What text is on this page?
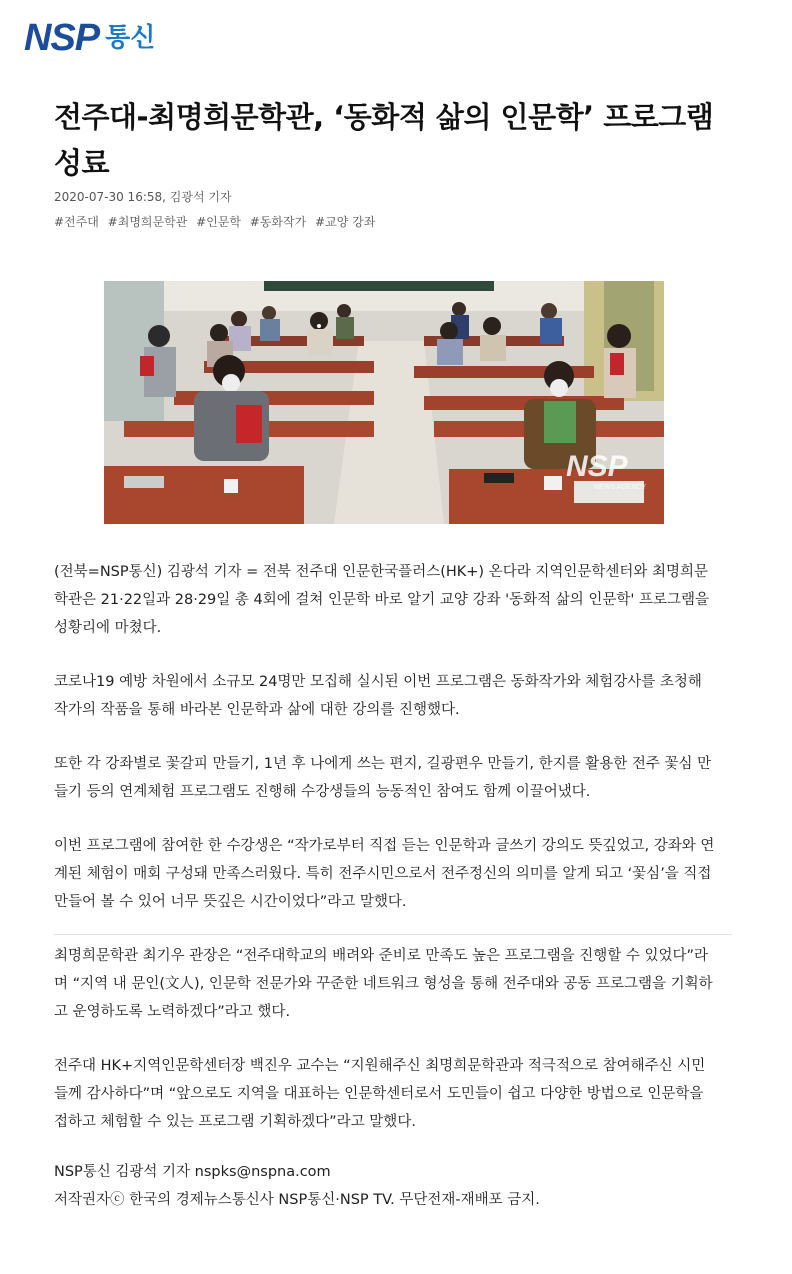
NSP 통신
전주대-최명희문학관, ‘동화적 삶의 인문학’ 프로그램 성료
2020-07-30 16:58, 김광석 기자
#전주대 #최명희문학관 #인문학 #동화작가 #교양 강좌
NSP
NEWS AGENCY

(전북=NSP통신) 김광석 기자 = 전북 전주대 인문한국플러스(HK+) 온다라 지역인문학센터와 최명희문학관은 21·22일과 28·29일 총 4회에 걸쳐 인문학 바로 알기 교양 강좌 '동화적 삶의 인문학' 프로그램을 성황리에 마쳤다.

코로나19 예방 차원에서 소규모 24명만 모집해 실시된 이번 프로그램은 동화작가와 체험강사를 초청해 작가의 작품을 통해 바라본 인문학과 삶에 대한 강의를 진행했다.

또한 각 강좌별로 꽃갈피 만들기, 1년 후 나에게 쓰는 편지, 길광편우 만들기, 한지를 활용한 전주 꽃심 만들기 등의 연계체험 프로그램도 진행해 수강생들의 능동적인 참여도 함께 이끌어냈다.

이번 프로그램에 참여한 한 수강생은 “작가로부터 직접 듣는 인문학과 글쓰기 강의도 뜻깊었고, 강좌와 연계된 체험이 매회 구성돼 만족스러웠다. 특히 전주시민으로서 전주정신의 의미를 알게 되고 ‘꽃심’을 직접 만들어 볼 수 있어 너무 뜻깊은 시간이었다”라고 말했다.

최명희문학관 최기우 관장은 “전주대학교의 배려와 준비로 만족도 높은 프로그램을 진행할 수 있었다”라며 “지역 내 문인(文人), 인문학 전문가와 꾸준한 네트워크 형성을 통해 전주대와 공동 프로그램을 기획하고 운영하도록 노력하겠다”라고 했다.

전주대 HK+지역인문학센터장 백진우 교수는 “지원해주신 최명희문학관과 적극적으로 참여해주신 시민들께 감사하다”며 “앞으로도 지역을 대표하는 인문학센터로서 도민들이 쉽고 다양한 방법으로 인문학을 접하고 체험할 수 있는 프로그램 기획하겠다”라고 말했다.

NSP통신 김광석 기자 nspks@nspna.com
저작권자ⓒ 한국의 경제뉴스통신사 NSP통신·NSP TV. 무단전재-재배포 금지.
